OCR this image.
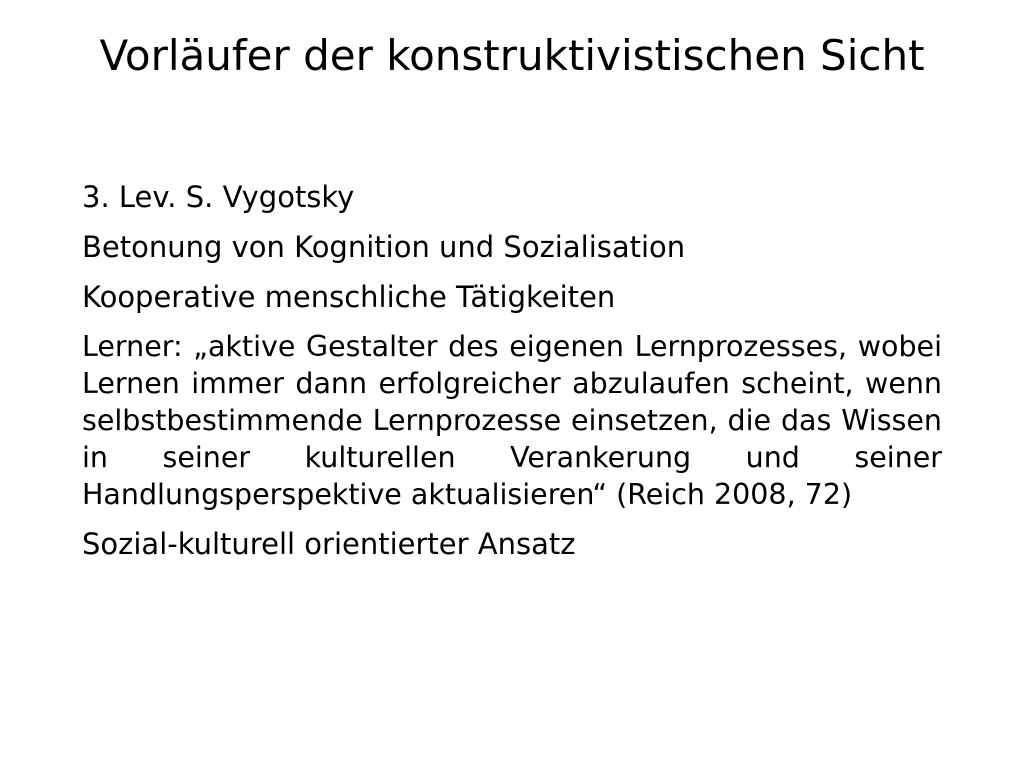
Vorläufer der konstruktivistischen Sicht
3. Lev. S. Vygotsky
Betonung von Kognition und Sozialisation
Kooperative menschliche Tätigkeiten
Lerner: „aktive Gestalter des eigenen Lernprozesses, wobei Lernen immer dann erfolgreicher abzulaufen scheint, wenn selbstbestimmende Lernprozesse einsetzen, die das Wissen in seiner kulturellen Verankerung und seiner Handlungsperspektive aktualisieren“ (Reich 2008, 72)
Sozial-kulturell orientierter Ansatz
